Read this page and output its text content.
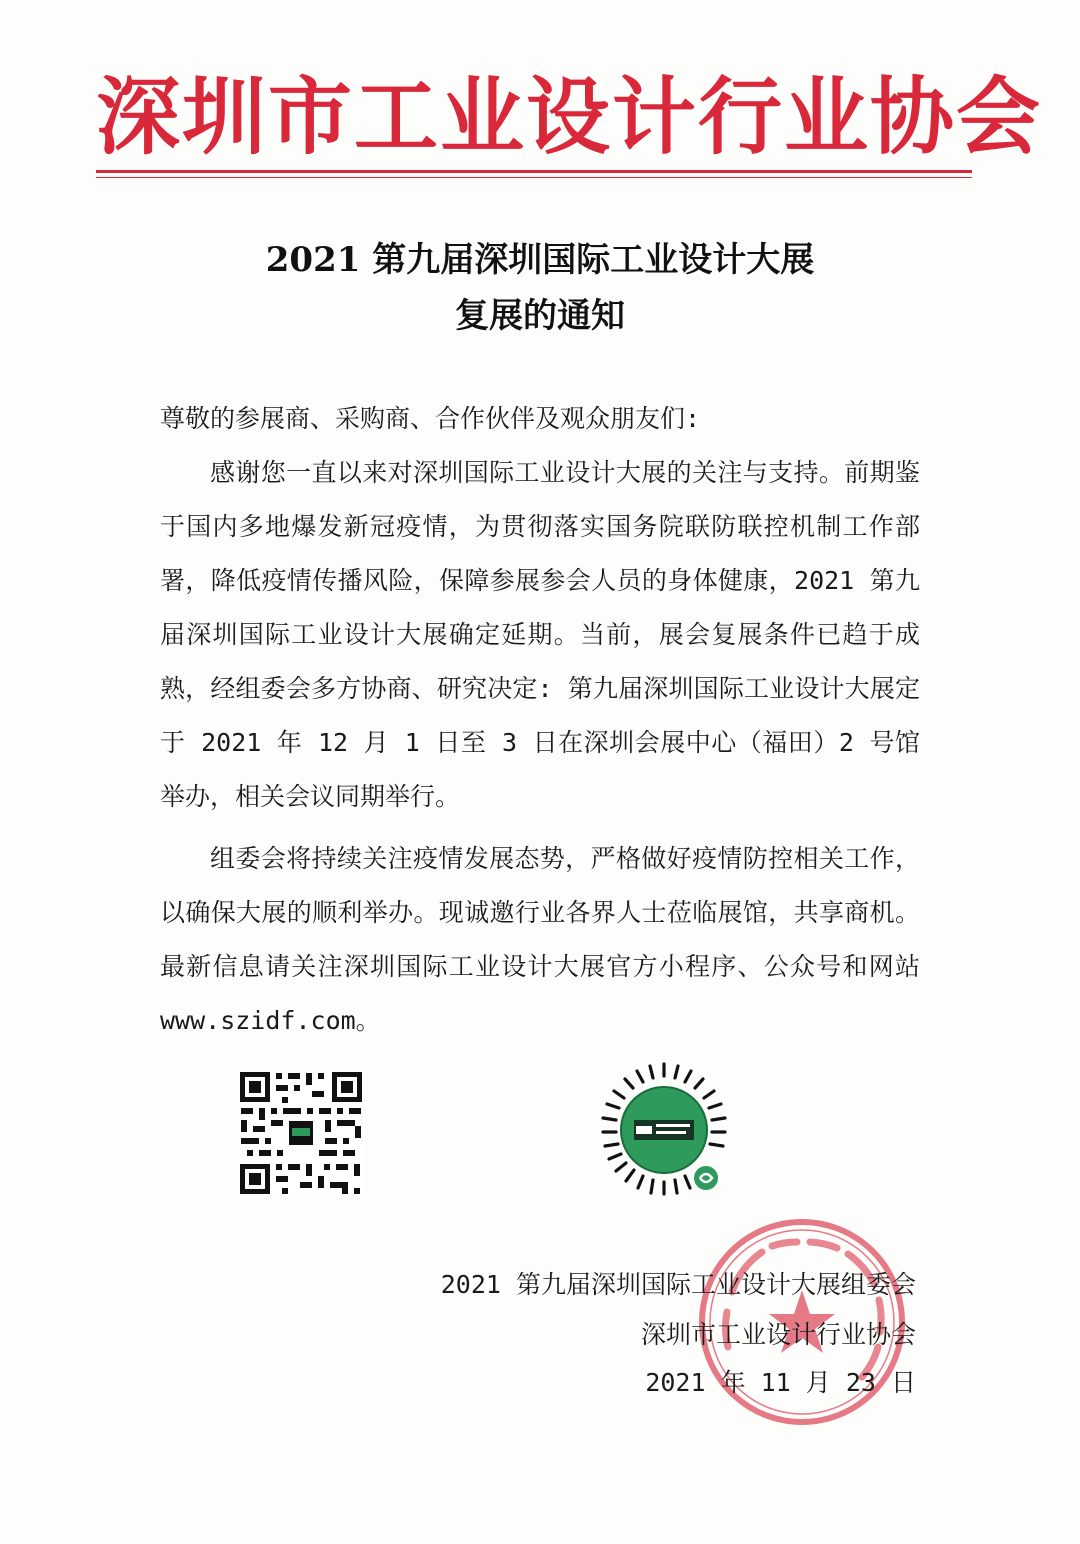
深圳市工业设计行业协会
2021 第九届深圳国际工业设计大展
复展的通知
尊敬的参展商、采购商、合作伙伴及观众朋友们:
感谢您一直以来对深圳国际工业设计大展的关注与支持。前期鉴于国内多地爆发新冠疫情，为贯彻落实国务院联防联控机制工作部署，降低疫情传播风险，保障参展参会人员的身体健康，2021 第九届深圳国际工业设计大展确定延期。当前，展会复展条件已趋于成熟，经组委会多方协商、研究决定: 第九届深圳国际工业设计大展定于 2021 年 12 月 1 日至 3 日在深圳会展中心（福田）2 号馆举办，相关会议同期举行。
组委会将持续关注疫情发展态势，严格做好疫情防控相关工作，以确保大展的顺利举办。现诚邀行业各界人士莅临展馆，共享商机。最新信息请关注深圳国际工业设计大展官方小程序、公众号和网站 www.szidf.com。
2021 第九届深圳国际工业设计大展组委会
深圳市工业设计行业协会
2021 年 11 月 23 日
